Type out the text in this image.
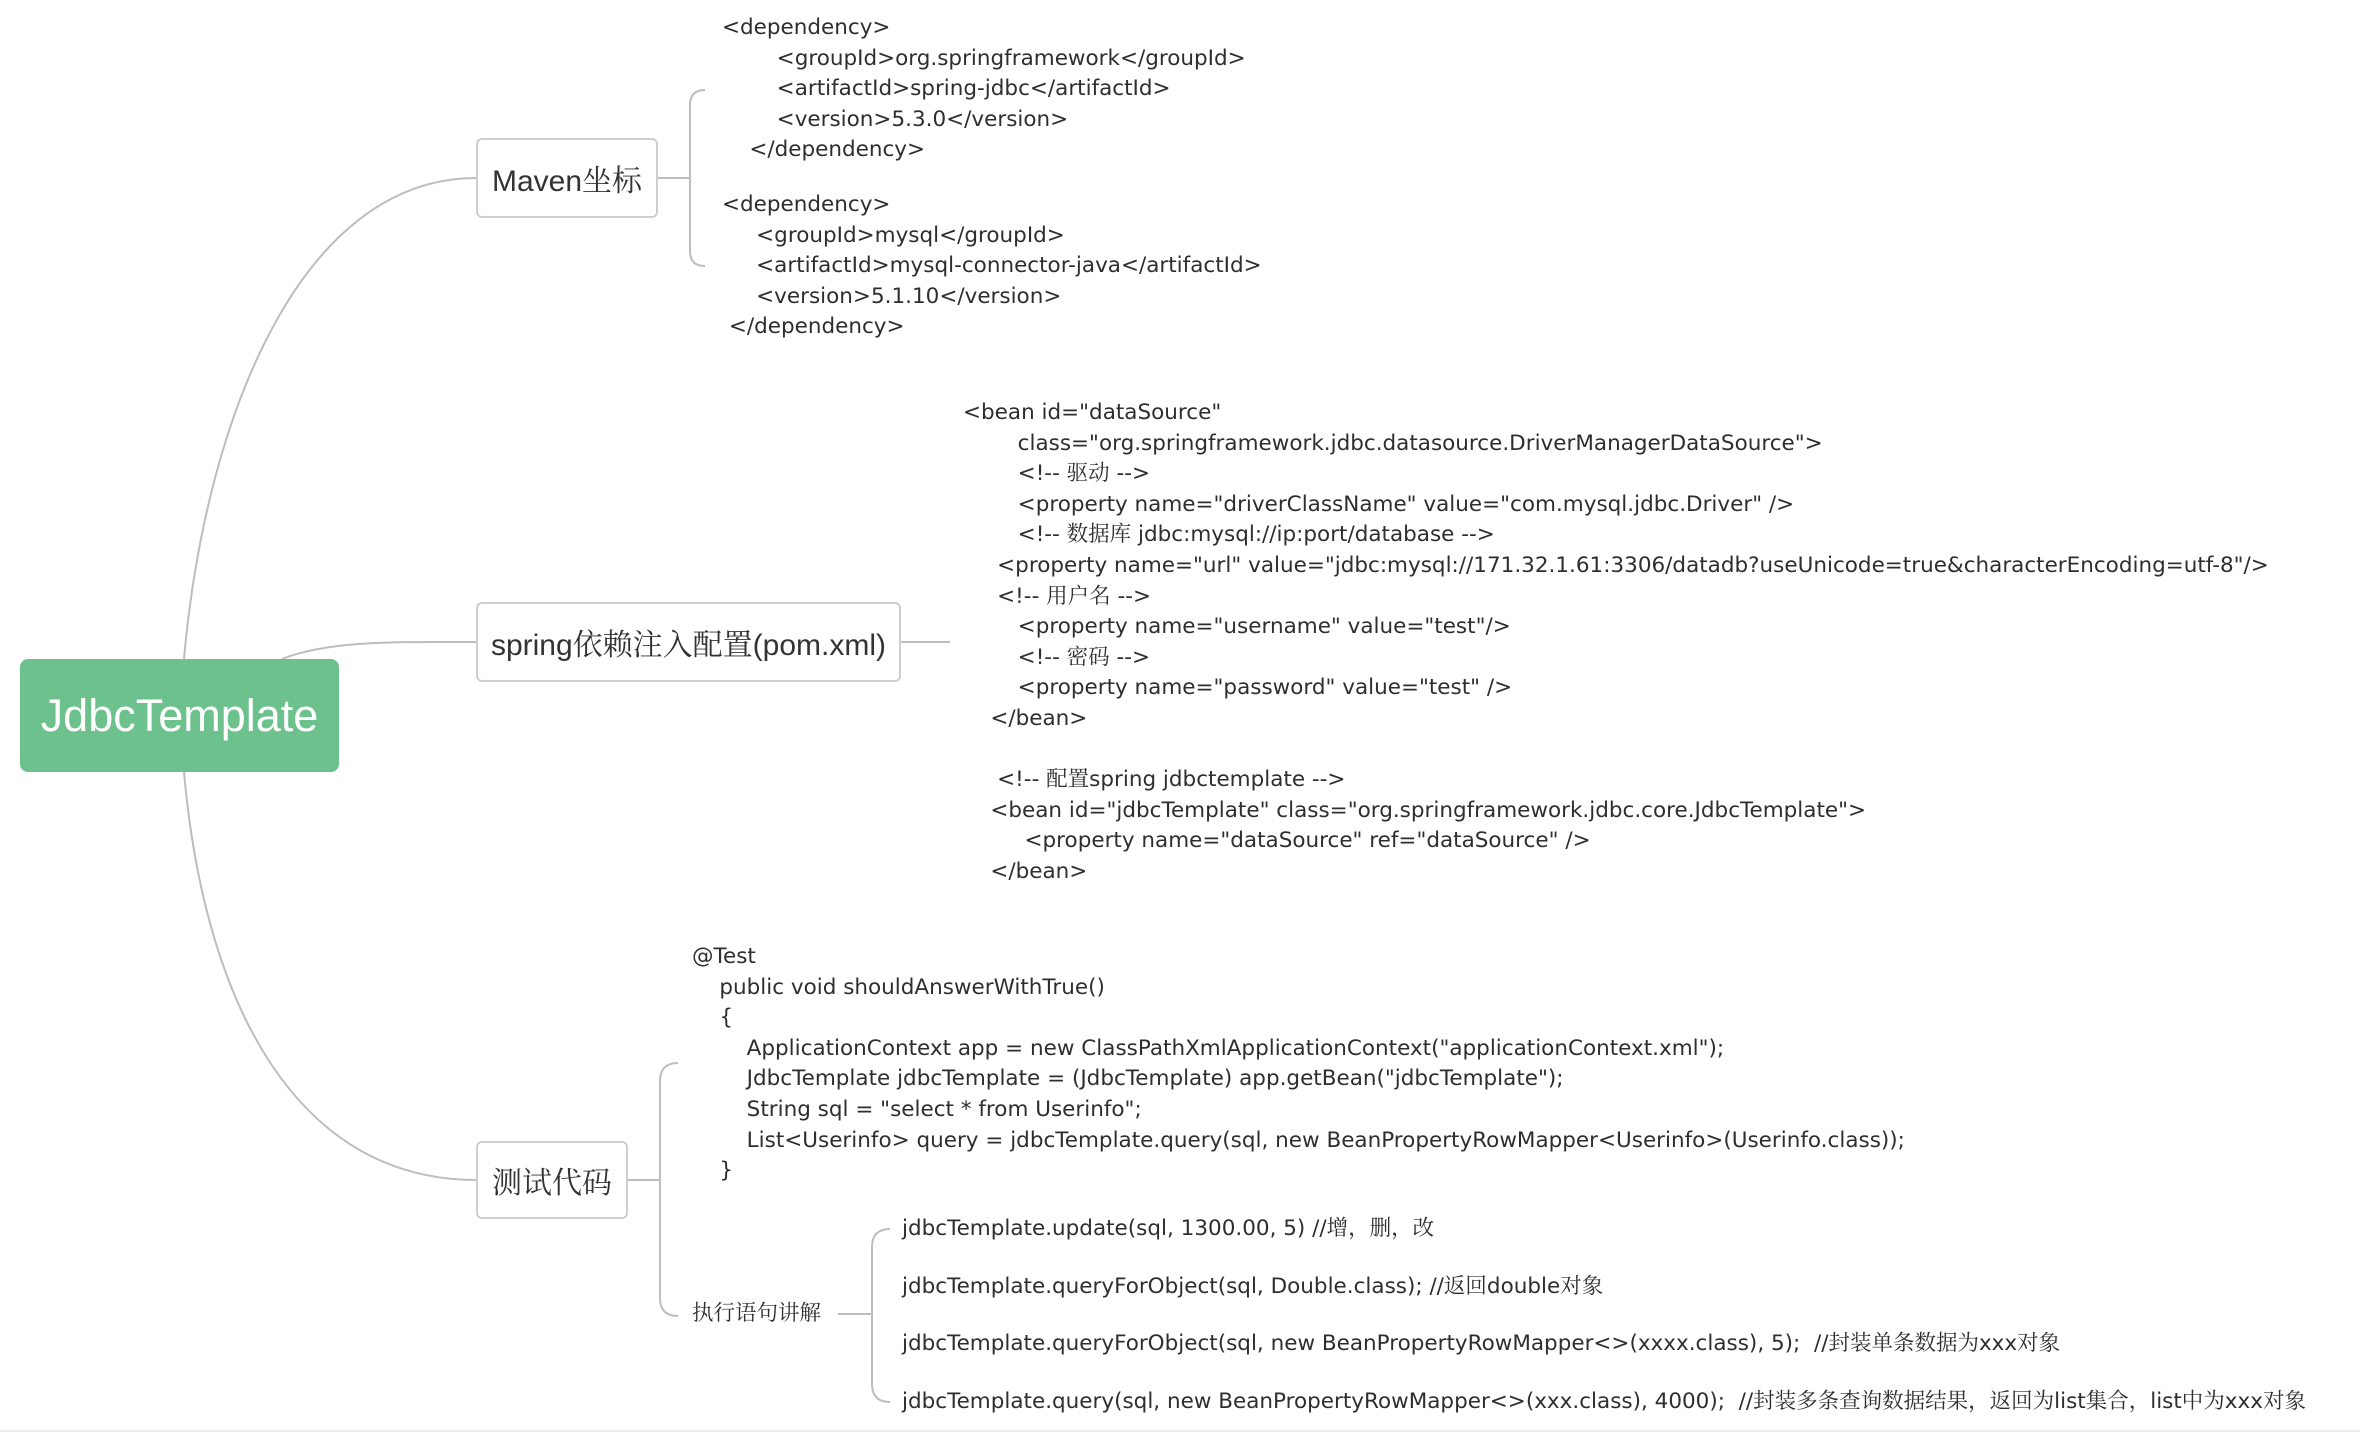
JdbcTemplate
Maven坐标
<dependency>
<groupId>org.springframework</groupId>
<artifactId>spring-jdbc</artifactId>
<version>5.3.0</version>
</dependency>
<dependency>
<groupId>mysql</groupId>
<artifactId>mysql-connector-java</artifactId>
<version>5.1.10</version>
</dependency>
spring依赖注入配置(pom.xml)
<bean id="dataSource"
class="org.springframework.jdbc.datasource.DriverManagerDataSource">
<!-- 驱动 -->
<property name="driverClassName" value="com.mysql.jdbc.Driver" />
<!-- 数据库 jdbc:mysql://ip:port/database -->
<property name="url" value="jdbc:mysql://171.32.1.61:3306/datadb?useUnicode=true&characterEncoding=utf-8"/>
<!-- 用户名 -->
<property name="username" value="test"/>
<!-- 密码 -->
<property name="password" value="test" />
</bean>

<!-- 配置spring jdbctemplate -->
<bean id="jdbcTemplate" class="org.springframework.jdbc.core.JdbcTemplate">
<property name="dataSource" ref="dataSource" />
</bean>
测试代码
@Test
public void shouldAnswerWithTrue()
{
ApplicationContext app = new ClassPathXmlApplicationContext("applicationContext.xml");
JdbcTemplate jdbcTemplate = (JdbcTemplate) app.getBean("jdbcTemplate");
String sql = "select * from Userinfo";
List<Userinfo> query = jdbcTemplate.query(sql, new BeanPropertyRowMapper<Userinfo>(Userinfo.class));
}
执行语句讲解
jdbcTemplate.update(sql, 1300.00, 5) //增，删，改
jdbcTemplate.queryForObject(sql, Double.class); //返回double对象
jdbcTemplate.queryForObject(sql, new BeanPropertyRowMapper<>(xxxx.class), 5);  //封装单条数据为xxx对象
jdbcTemplate.query(sql, new BeanPropertyRowMapper<>(xxx.class), 4000);  //封装多条查询数据结果，返回为list集合，list中为xxx对象
